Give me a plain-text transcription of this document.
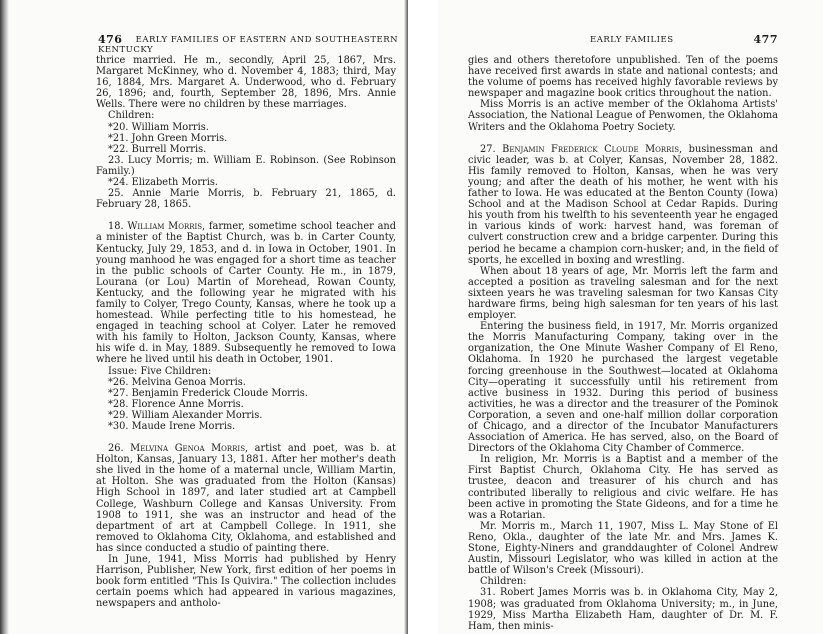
476 EARLY FAMILIES OF EASTERN AND SOUTHEASTERN KENTUCKY

thrice married. He m., secondly, April 25, 1867, Mrs. Margaret McKinney, who d. November 4, 1883; third, May 16, 1884, Mrs. Margaret A. Underwood, who d. February 26, 1896; and, fourth, September 28, 1896, Mrs. Annie Wells. There were no children by these marriages.

Children:

*20. William Morris.

*21. John Green Morris.

*22. Burrell Morris.

23. Lucy Morris; m. William E. Robinson. (See Robinson Family.)

*24. Elizabeth Morris.

25. Annie Marie Morris, b. February 21, 1865, d. February 28, 1865.

18. William Morris, farmer, sometime school teacher and a minister of the Baptist Church, was b. in Carter County, Kentucky, July 29, 1853, and d. in Iowa in October, 1901. In young manhood he was engaged for a short time as teacher in the public schools of Carter County. He m., in 1879, Lourana (or Lou) Martin of Morehead, Rowan County, Kentucky, and the following year he migrated with his family to Colyer, Trego County, Kansas, where he took up a homestead. While perfecting title to his homestead, he engaged in teaching school at Colyer. Later he removed with his family to Holton, Jackson County, Kansas, where his wife d. in May, 1889. Subsequently he removed to Iowa where he lived until his death in October, 1901.

Issue: Five Children:

*26. Melvina Genoa Morris.

*27. Benjamin Frederick Cloude Morris.

*28. Florence Anne Morris.

*29. William Alexander Morris.

*30. Maude Irene Morris.

26. Melvina Genoa Morris, artist and poet, was b. at Holton, Kansas, January 13, 1881. After her mother's death she lived in the home of a maternal uncle, William Martin, at Holton. She was graduated from the Holton (Kansas) High School in 1897, and later studied art at Campbell College, Washburn College and Kansas University. From 1908 to 1911, she was an instructor and head of the department of art at Campbell College. In 1911, she removed to Oklahoma City, Oklahoma, and established and has since conducted a studio of painting there.

In June, 1941, Miss Morris had published by Henry Harrison, Publisher, New York, first edition of her poems in book form entitled "This Is Quivira." The collection includes certain poems which had appeared in various magazines, newspapers and antholo-

EARLY FAMILIES	477

gies and others theretofore unpublished. Ten of the poems have received first awards in state and national contests; and the volume of poems has received highly favorable reviews by newspaper and magazine book critics throughout the nation.

Miss Morris is an active member of the Oklahoma Artists' Association, the National League of Penwomen, the Oklahoma Writers and the Oklahoma Poetry Society.

27. Benjamin Frederick Cloude Morris, businessman and civic leader, was b. at Colyer, Kansas, November 28, 1882. His family removed to Holton, Kansas, when he was very young; and after the death of his mother, he went with his father to Iowa. He was educated at the Benton County (Iowa) School and at the Madison School at Cedar Rapids. During his youth from his twelfth to his seventeenth year he engaged in various kinds of work: harvest hand, was foreman of culvert construction crew and a bridge carpenter. During this period he became a champion corn-husker; and, in the field of sports, he excelled in boxing and wrestling.

When about 18 years of age, Mr. Morris left the farm and accepted a position as traveling salesman and for the next sixteen years he was traveling salesman for two Kansas City hardware firms, being high salesman for ten years of his last employer.

Entering the business field, in 1917, Mr. Morris organized the Morris Manufacturing Company, taking over in the organization, the One Minute Washer Company of El Reno, Oklahoma. In 1920 he purchased the largest vegetable forcing greenhouse in the Southwest—located at Oklahoma City—operating it successfully until his retirement from active business in 1932. During this period of business activities, he was a director and the treasurer of the Pominok Corporation, a seven and one-half million dollar corporation of Chicago, and a director of the Incubator Manufacturers Association of America. He has served, also, on the Board of Directors of the Oklahoma City Chamber of Commerce.

In religion, Mr. Morris is a Baptist and a member of the First Baptist Church, Oklahoma City. He has served as trustee, deacon and treasurer of his church and has contributed liberally to religious and civic welfare. He has been active in promoting the State Gideons, and for a time he was a Rotarian.

Mr. Morris m., March 11, 1907, Miss L. May Stone of El Reno, Okla., daughter of the late Mr. and Mrs. James K. Stone, Eighty-Niners and granddaughter of Colonel Andrew Austin, Missouri Legislator, who was killed in action at the battle of Wilson's Creek (Missouri).

Children:

31. Robert James Morris was b. in Oklahoma City, May 2, 1908; was graduated from Oklahoma University; m., in June, 1929, Miss Martha Elizabeth Ham, daughter of Dr. M. F. Ham, then minis-
